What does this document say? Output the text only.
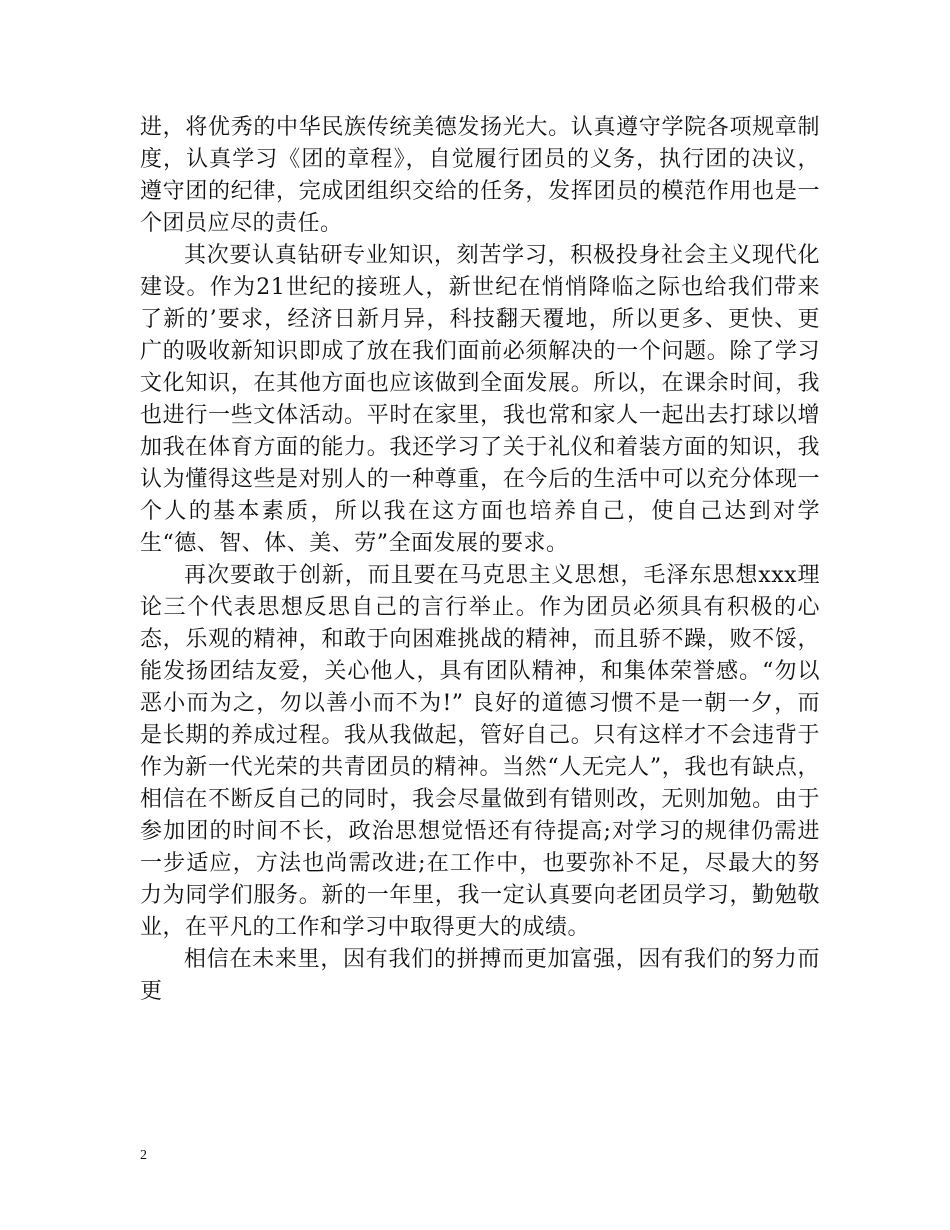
进，将优秀的中华民族传统美德发扬光大。认真遵守学院各项规章制度，认真学习《团的章程》，自觉履行团员的义务，执行团的决议，遵守团的纪律，完成团组织交给的任务，发挥团员的模范作用也是一个团员应尽的责任。

其次要认真钻研专业知识，刻苦学习，积极投身社会主义现代化建设。作为21世纪的接班人，新世纪在悄悄降临之际也给我们带来了新的’要求，经济日新月异，科技翻天覆地，所以更多、更快、更广的吸收新知识即成了放在我们面前必须解决的一个问题。除了学习文化知识，在其他方面也应该做到全面发展。所以，在课余时间，我也进行一些文体活动。平时在家里，我也常和家人一起出去打球以增加我在体育方面的能力。我还学习了关于礼仪和着装方面的知识，我认为懂得这些是对别人的一种尊重，在今后的生活中可以充分体现一个人的基本素质，所以我在这方面也培养自己，使自己达到对学生“德、智、体、美、劳”全面发展的要求。

再次要敢于创新，而且要在马克思主义思想，毛泽东思想xxx理论三个代表思想反思自己的言行举止。作为团员必须具有积极的心态，乐观的精神，和敢于向困难挑战的精神，而且骄不躁，败不馁，能发扬团结友爱，关心他人，具有团队精神，和集体荣誉感。“勿以恶小而为之，勿以善小而不为!” 良好的道德习惯不是一朝一夕，而是长期的养成过程。我从我做起，管好自己。只有这样才不会违背于作为新一代光荣的共青团员的精神。当然“人无完人”，我也有缺点，相信在不断反自己的同时，我会尽量做到有错则改，无则加勉。由于参加团的时间不长，政治思想觉悟还有待提高;对学习的规律仍需进一步适应，方法也尚需改进;在工作中，也要弥补不足，尽最大的努力为同学们服务。新的一年里，我一定认真要向老团员学习，勤勉敬业，在平凡的工作和学习中取得更大的成绩。

相信在未来里，因有我们的拼搏而更加富强，因有我们的努力而更

2
